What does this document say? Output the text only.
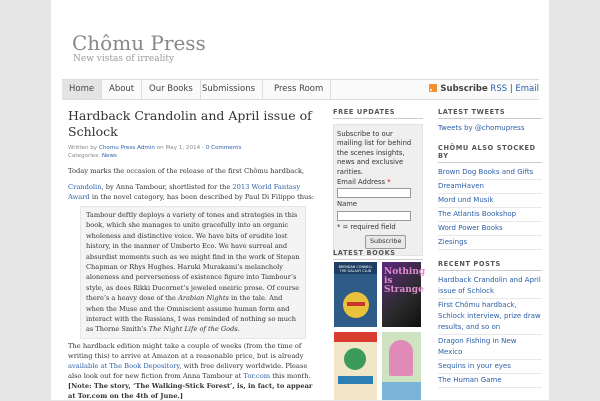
Chômu Press
New vistas of irreality
Home	About	Our Books	Submissions	Press Room	Subscribe RSS | Email
Hardback Crandolin and April issue of Schlock
Written by Chomu Press Admin on May 1, 2014 - 0 Comments
Categories: News

Today marks the occasion of the release of the first Chômu hardback,

Crandolin, by Anna Tambour, shortlisted for the 2013 World Fantasy Award in the novel category, has been described by Paul Di Filippo thus:

Tambour deftly deploys a variety of tones and strategies in this book, which she manages to unite gracefully into an organic wholeness and distinctive voice. We have bits of erudite lost history, in the manner of Umberto Eco. We have surreal and absurdist moments such as we might find in the work of Stepan Chapman or Rhys Hughes. Haruki Murakami’s melancholy aloneness and perverseness of existence figure into Tambour’s style, as does Rikki Ducornet’s jeweled oneiric prose. Of course there’s a heavy dose of the Arabian Nights in the tale. And when the Muse and the Omniscient assume human form and interact with the Russians, I was reminded of nothing so much as Thorne Smith’s The Night Life of the Gods.

The hardback edition might take a couple of weeks (from the time of writing this) to arrive at Amazon at a reasonable price, but is already available at The Book Depository, with free delivery worldwide. Please also look out for new fiction from Anna Tambour at Tor.com this month. [Note: The story, ‘The Walking-Stick Forest’, is, in fact, to appear at Tor.com on the 4th of June.]

FREE UPDATES
Subscribe to our mailing list for behind the scenes insights, news and exclusive rarities.
Email Address *
Name
* = required field
Subscribe
LATEST BOOKS
BRENDAN CONNELL THE GALAXY CLUB	Nothing is Strange
LATEST TWEETS
Tweets by @chomupress
CHÔMU ALSO STOCKED BY
Brown Dog Books and Gifts
DreamHaven
Mord und Musik
The Atlantis Bookshop
Word Power Books
Ziesings
RECENT POSTS
Hardback Crandolin and April issue of Schlock
First Chômu hardback, Schlock interview, prize draw results, and so on
Dragon Fishing in New Mexico
Sequins in your eyes
The Human Game
